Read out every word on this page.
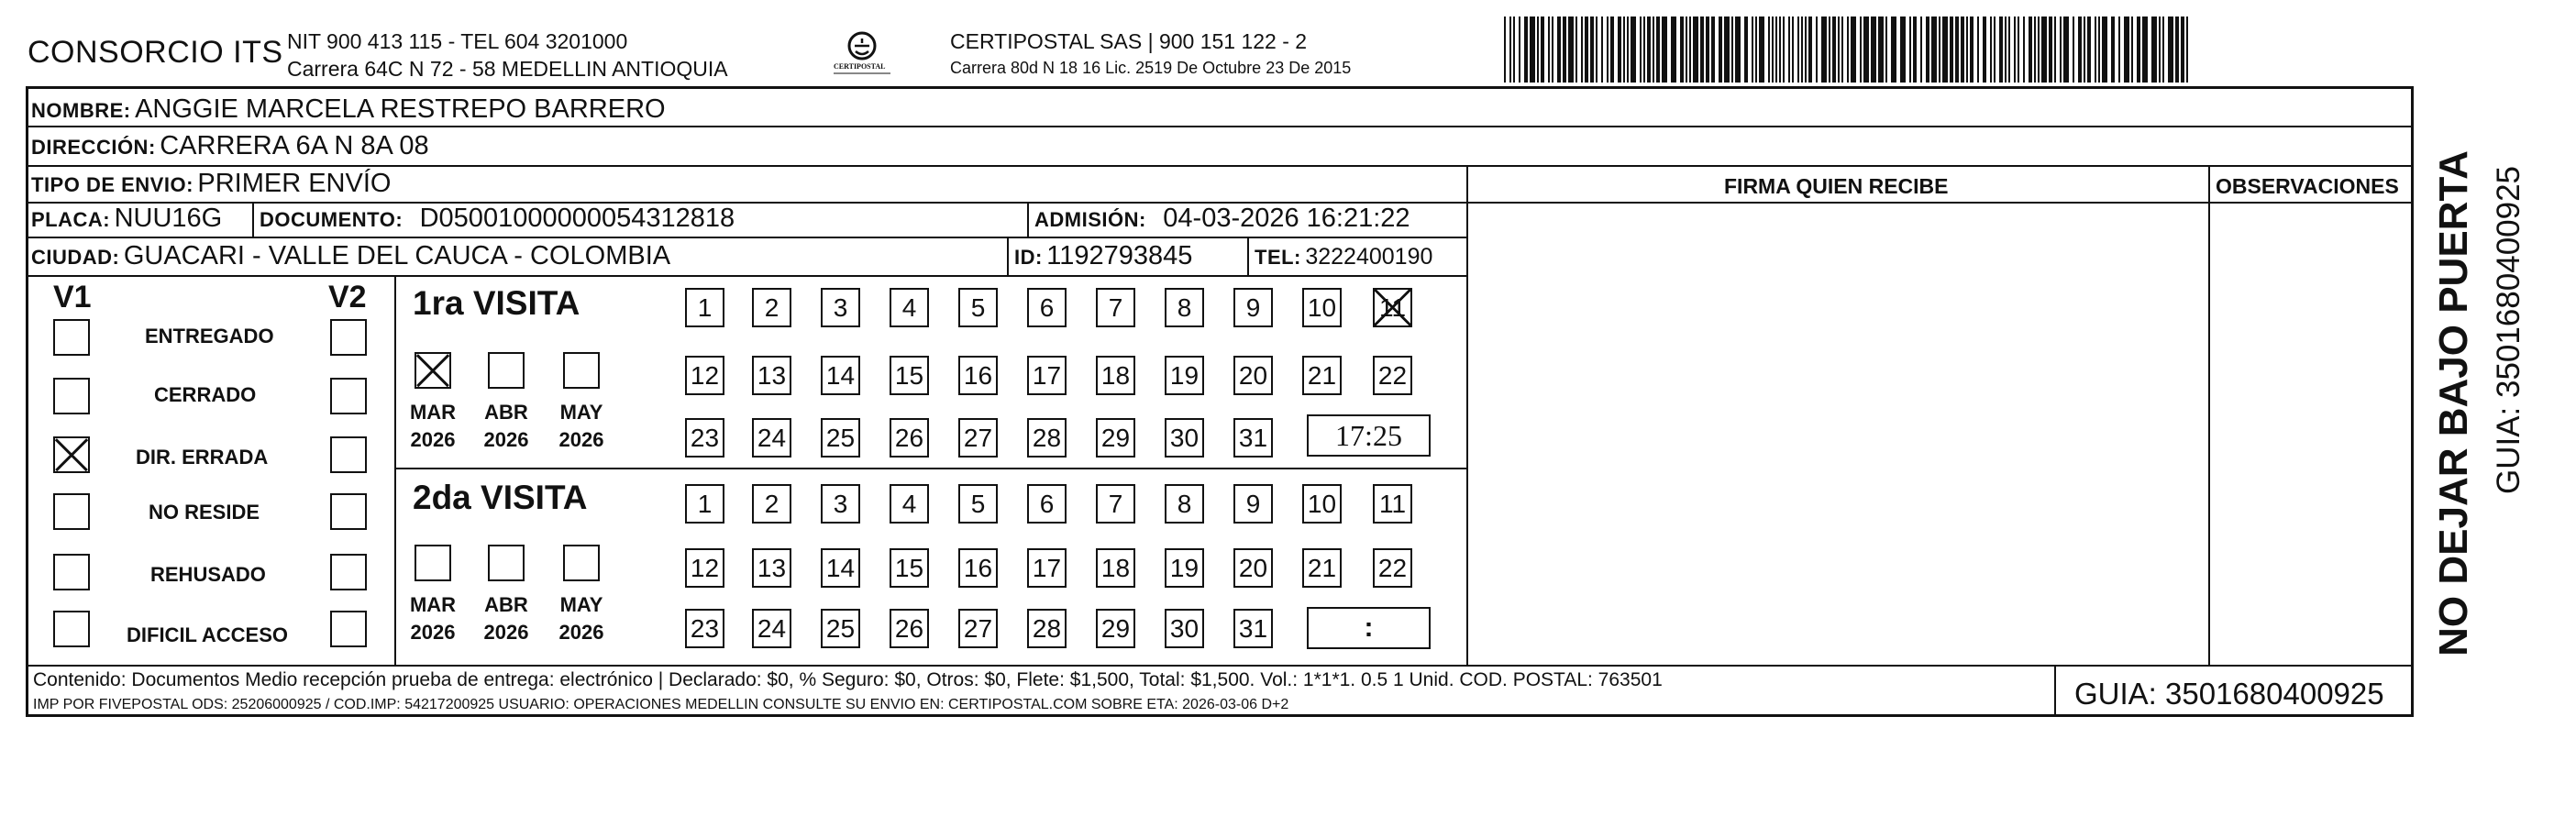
CONSORCIO ITS NIT 900 413 115 - TEL 604 3201000
Carrera 64C N 72 - 58 MEDELLIN ANTIOQUIA	CERTIPOSTAL
CERTIPOSTAL SAS | 900 151 122 - 2
Carrera 80d N 18 16 Lic. 2519 De Octubre 23 De 2015
NOMBRE: ANGGIE MARCELA RESTREPO BARRERO
DIRECCIÓN: CARRERA 6A N 8A 08
TIPO DE ENVIO: PRIMER ENVÍO	FIRMA QUIEN RECIBE	OBSERVACIONES
PLACA: NUU16G DOCUMENTO: D05001000000054312818	ADMISIÓN: 04-03-2026 16:21:22
CIUDAD: GUACARI - VALLE DEL CAUCA - COLOMBIA	ID: 1192793845	TEL: 3222400190
V1	V2
ENTREGADO
CERRADO
DIR. ERRADA
NO RESIDE
REHUSADO
DIFICIL ACCESO
1ra VISITA
MAR ABR MAY
2026 2026 2026
1	2	3	4	5	6	7	8	9	10 11
12 13 14 15 16 17 18 19 20 21 22
23 24 25 26 27 28 29 30 31	17:25
2da VISITA
MAR ABR MAY
2026 2026 2026
1	2	3	4	5	6	7	8	9	10 11
12 13 14 15 16 17 18 19 20 21 22
23 24 25 26 27 28 29 30 31	:
Contenido: Documentos Medio recepción prueba de entrega: electrónico | Declarado: $0, % Seguro: $0, Otros: $0, Flete: $1,500, Total: $1,500. Vol.: 1*1*1. 0.5 1 Unid. COD. POSTAL: 763501
IMP POR FIVEPOSTAL ODS: 25206000925 / COD.IMP: 54217200925 USUARIO: OPERACIONES MEDELLIN CONSULTE SU ENVIO EN: CERTIPOSTAL.COM SOBRE ETA: 2026-03-06 D+2	GUIA: 3501680400925
NO DEJAR BAJO PUERTA GUIA: 3501680400925
